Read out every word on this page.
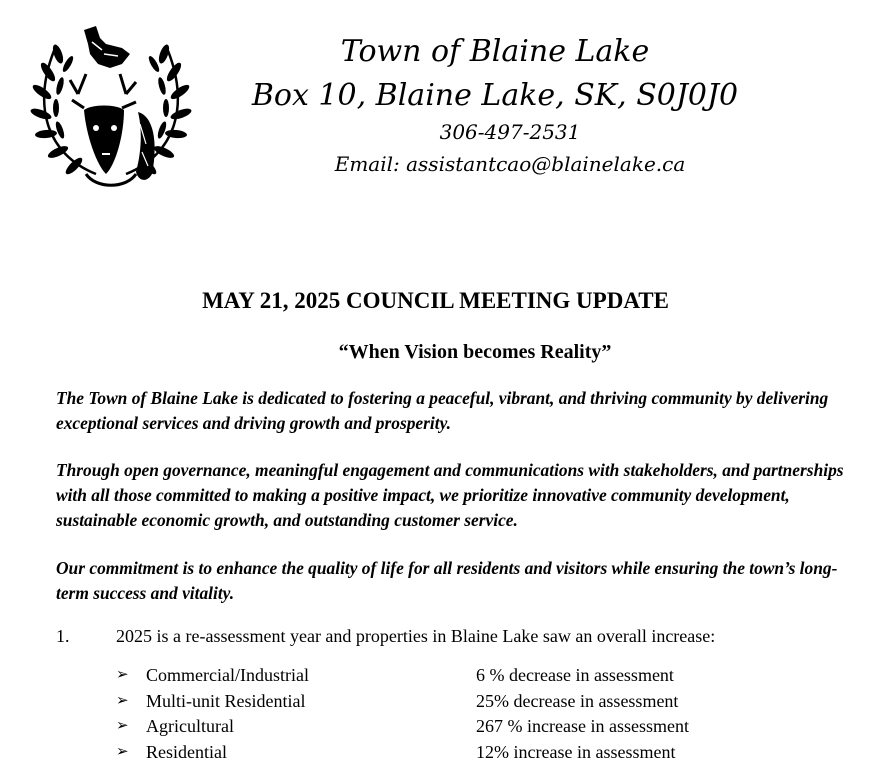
Town of Blaine Lake
Box 10, Blaine Lake, SK, S0J0J0
306-497-2531
Email: assistantcao@blainelake.ca
MAY 21, 2025 COUNCIL MEETING UPDATE
“When Vision becomes Reality”

The Town of Blaine Lake is dedicated to fostering a peaceful, vibrant, and thriving community by delivering exceptional services and driving growth and prosperity.

Through open governance, meaningful engagement and communications with stakeholders, and partnerships with all those committed to making a positive impact, we prioritize innovative community development, sustainable economic growth, and outstanding customer service.

Our commitment is to enhance the quality of life for all residents and visitors while ensuring the town’s long-term success and vitality.

1.	2025 is a re-assessment year and properties in Blaine Lake saw an overall increase:
➢ Commercial/Industrial	6 % decrease in assessment
➢ Multi-unit Residential	25% decrease in assessment
➢ Agricultural	267 % increase in assessment
➢ Residential	12% increase in assessment
